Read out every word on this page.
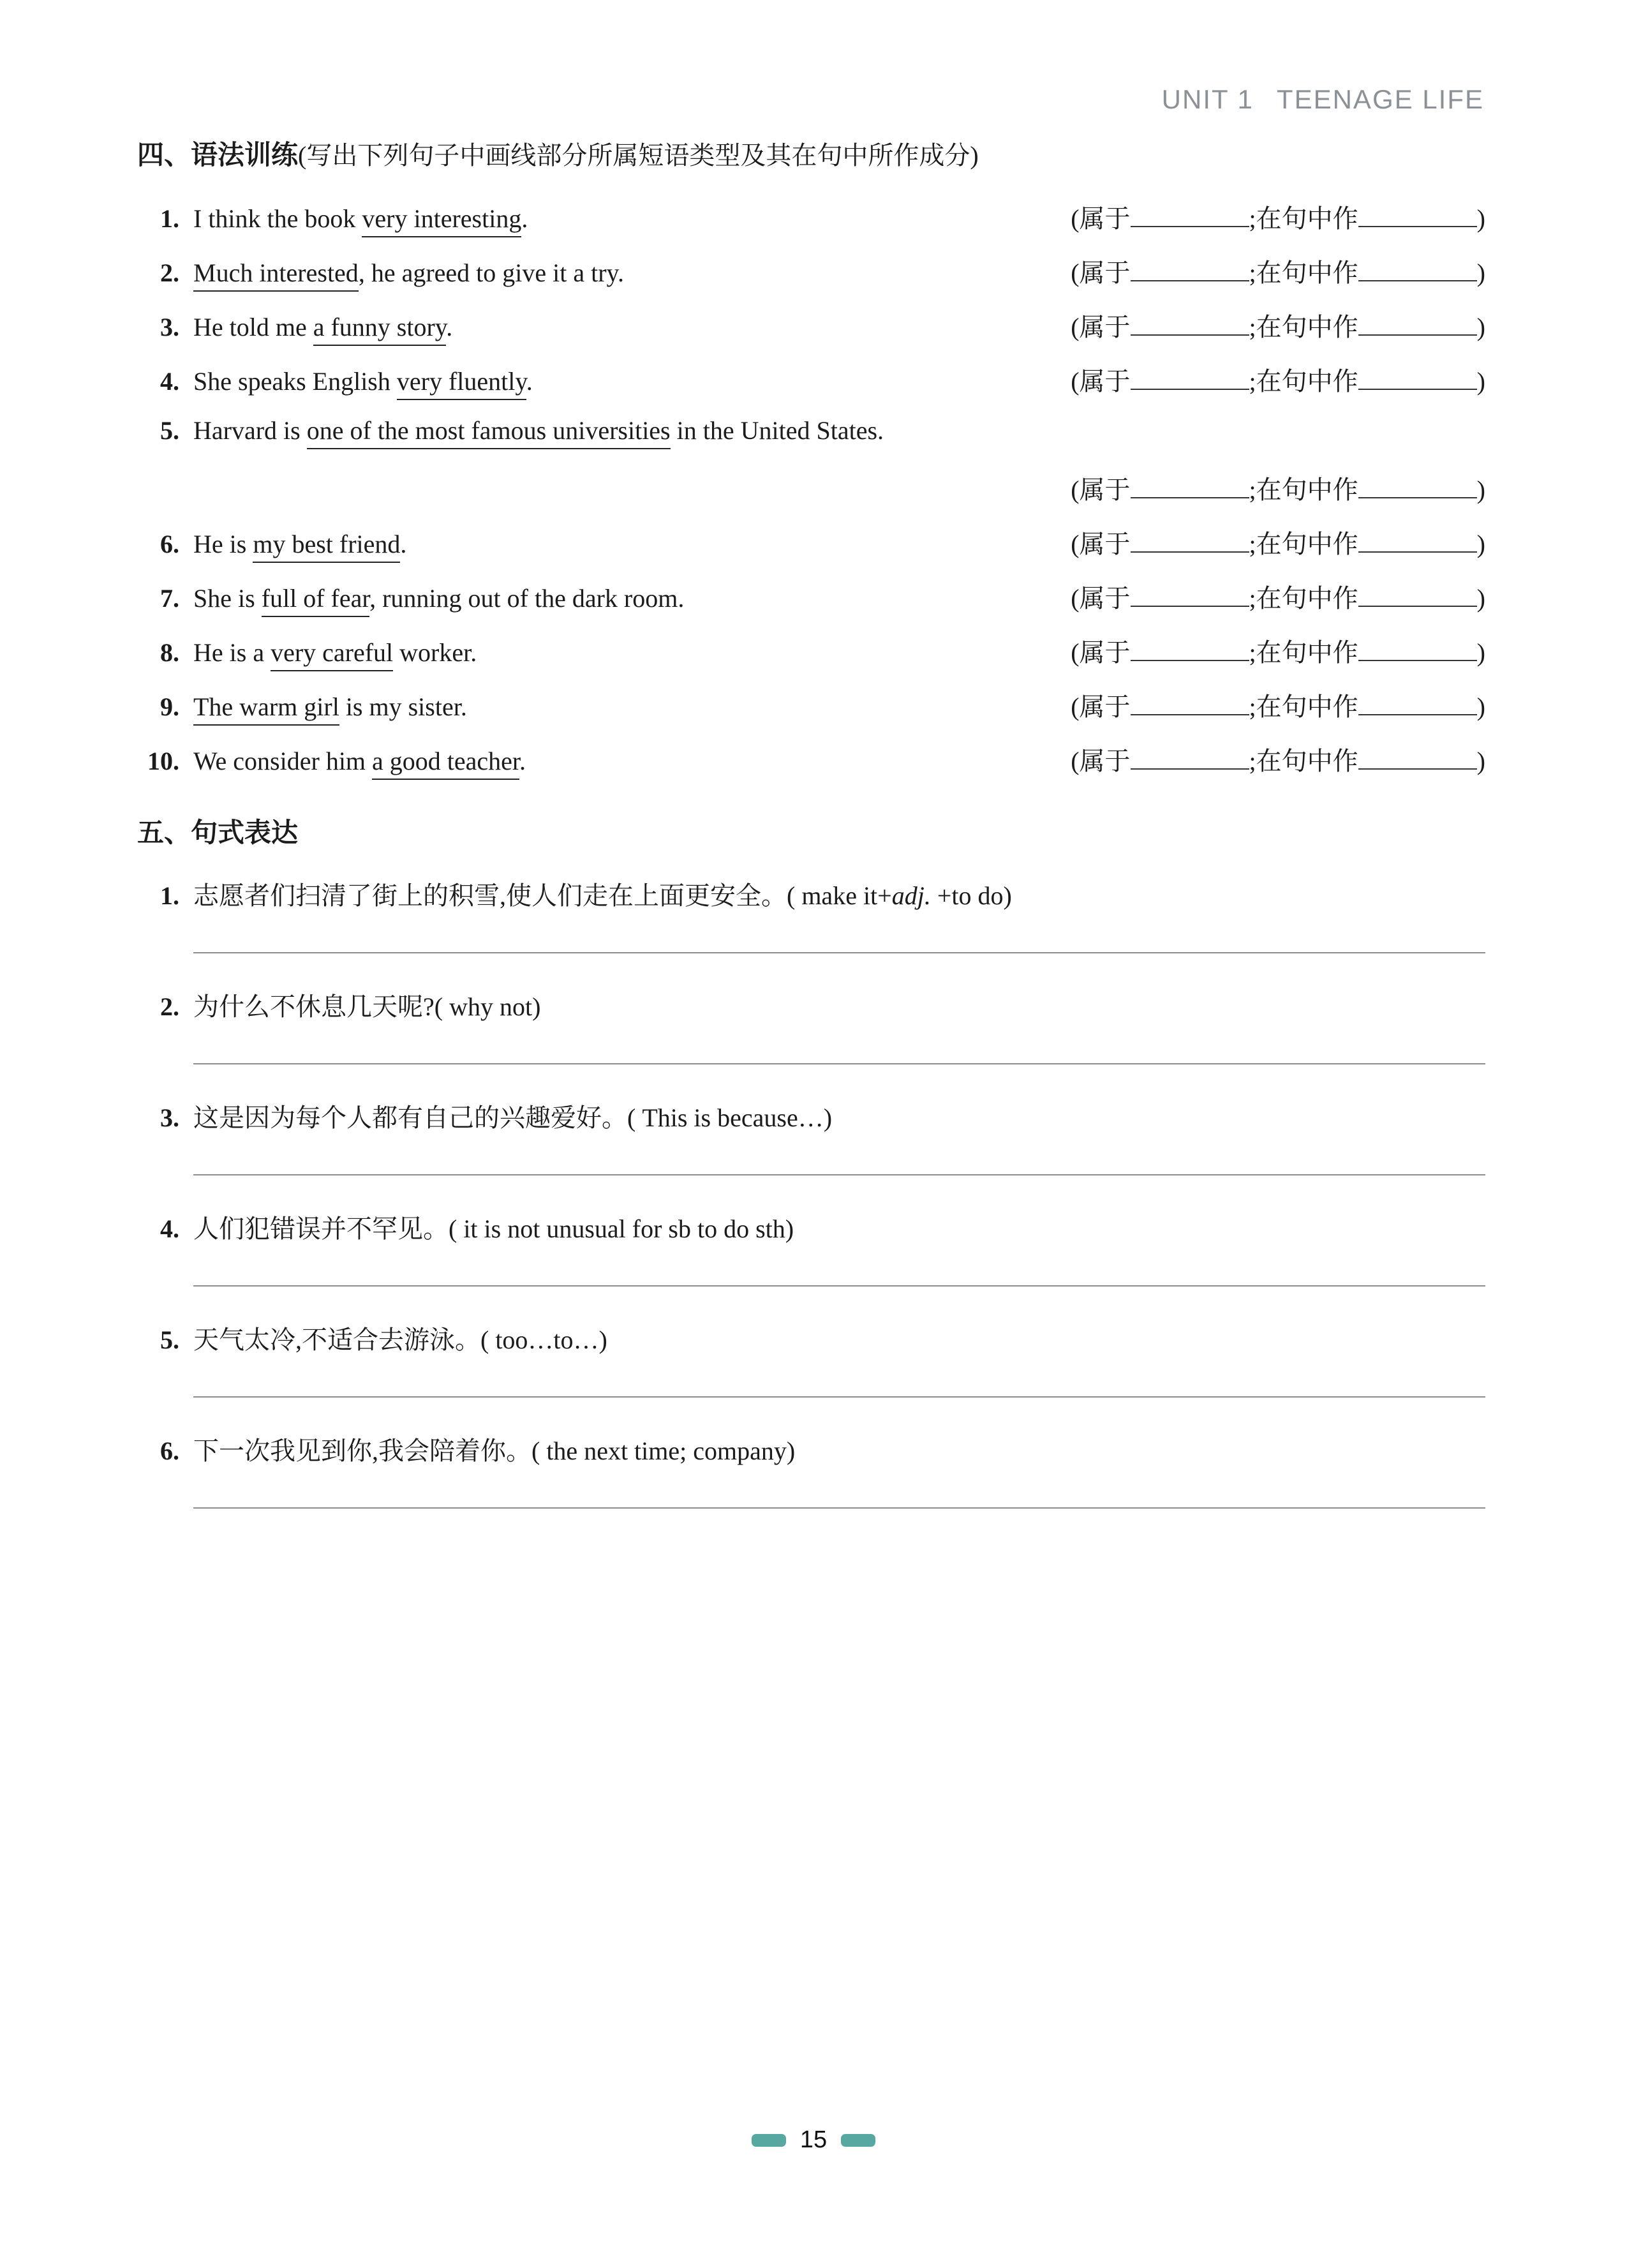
UNIT 1 TEENAGE LIFE
四、语法训练(写出下列句子中画线部分所属短语类型及其在句中所作成分)
1. I think the book very interesting.	(属于	;在句中作	)
2. Much interested, he agreed to give it a try.	(属于	;在句中作	)
3. He told me a funny story.	(属于	;在句中作	)
4. She speaks English very fluently.	(属于	;在句中作	)
5. Harvard is one of the most famous universities in the United States.
(属于	;在句中作	)
6. He is my best friend.	(属于	;在句中作	)
7. She is full of fear, running out of the dark room.	(属于	;在句中作	)
8. He is a very careful worker.	(属于	;在句中作	)
9. The warm girl is my sister.	(属于	;在句中作	)
10. We consider him a good teacher.	(属于	;在句中作	)
五、句式表达
1. 志愿者们扫清了街上的积雪,使人们走在上面更安全。( make it+adj. +to do)
2. 为什么不休息几天呢?( why not)
3. 这是因为每个人都有自己的兴趣爱好。( This is because…)
4. 人们犯错误并不罕见。( it is not unusual for sb to do sth)
5. 天气太冷,不适合去游泳。( too…to…)
6. 下一次我见到你,我会陪着你。( the next time; company)
15
